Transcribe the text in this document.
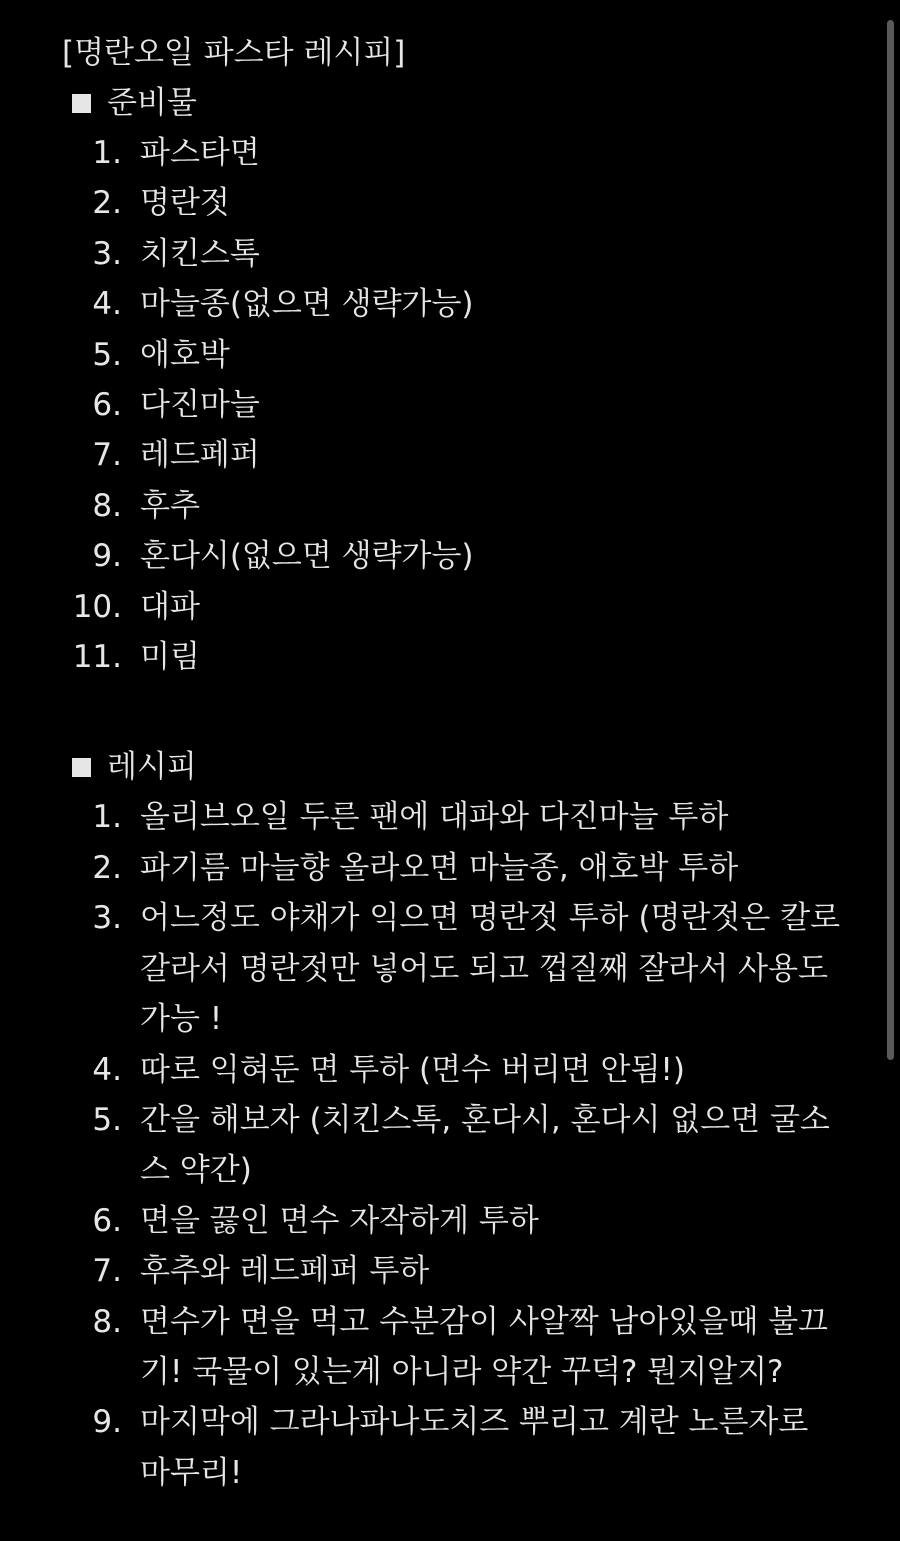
[명란오일 파스타 레시피]
준비물
1. 파스타면
2. 명란젓
3. 치킨스톡
4. 마늘종(없으면 생략가능)
5. 애호박
6. 다진마늘
7. 레드페퍼
8. 후추
9. 혼다시(없으면 생략가능)
10. 대파
11. 미림
레시피
1. 올리브오일 두른 팬에 대파와 다진마늘 투하
2. 파기름 마늘향 올라오면 마늘종, 애호박 투하
3. 어느정도 야채가 익으면 명란젓 투하 (명란젓은 칼로 갈라서 명란젓만 넣어도 되고 껍질째 잘라서 사용도 가능 !
4. 따로 익혀둔 면 투하 (면수 버리면 안됨!)
5. 간을 해보자 (치킨스톡, 혼다시, 혼다시 없으면 굴소스 약간)
6. 면을 끓인 면수 자작하게 투하
7. 후추와 레드페퍼 투하
8. 면수가 면을 먹고 수분감이 사알짝 남아있을때 불끄기! 국물이 있는게 아니라 약간 꾸덕? 뭔지알지?
9. 마지막에 그라나파나도치즈 뿌리고 계란 노른자로 마무리!
